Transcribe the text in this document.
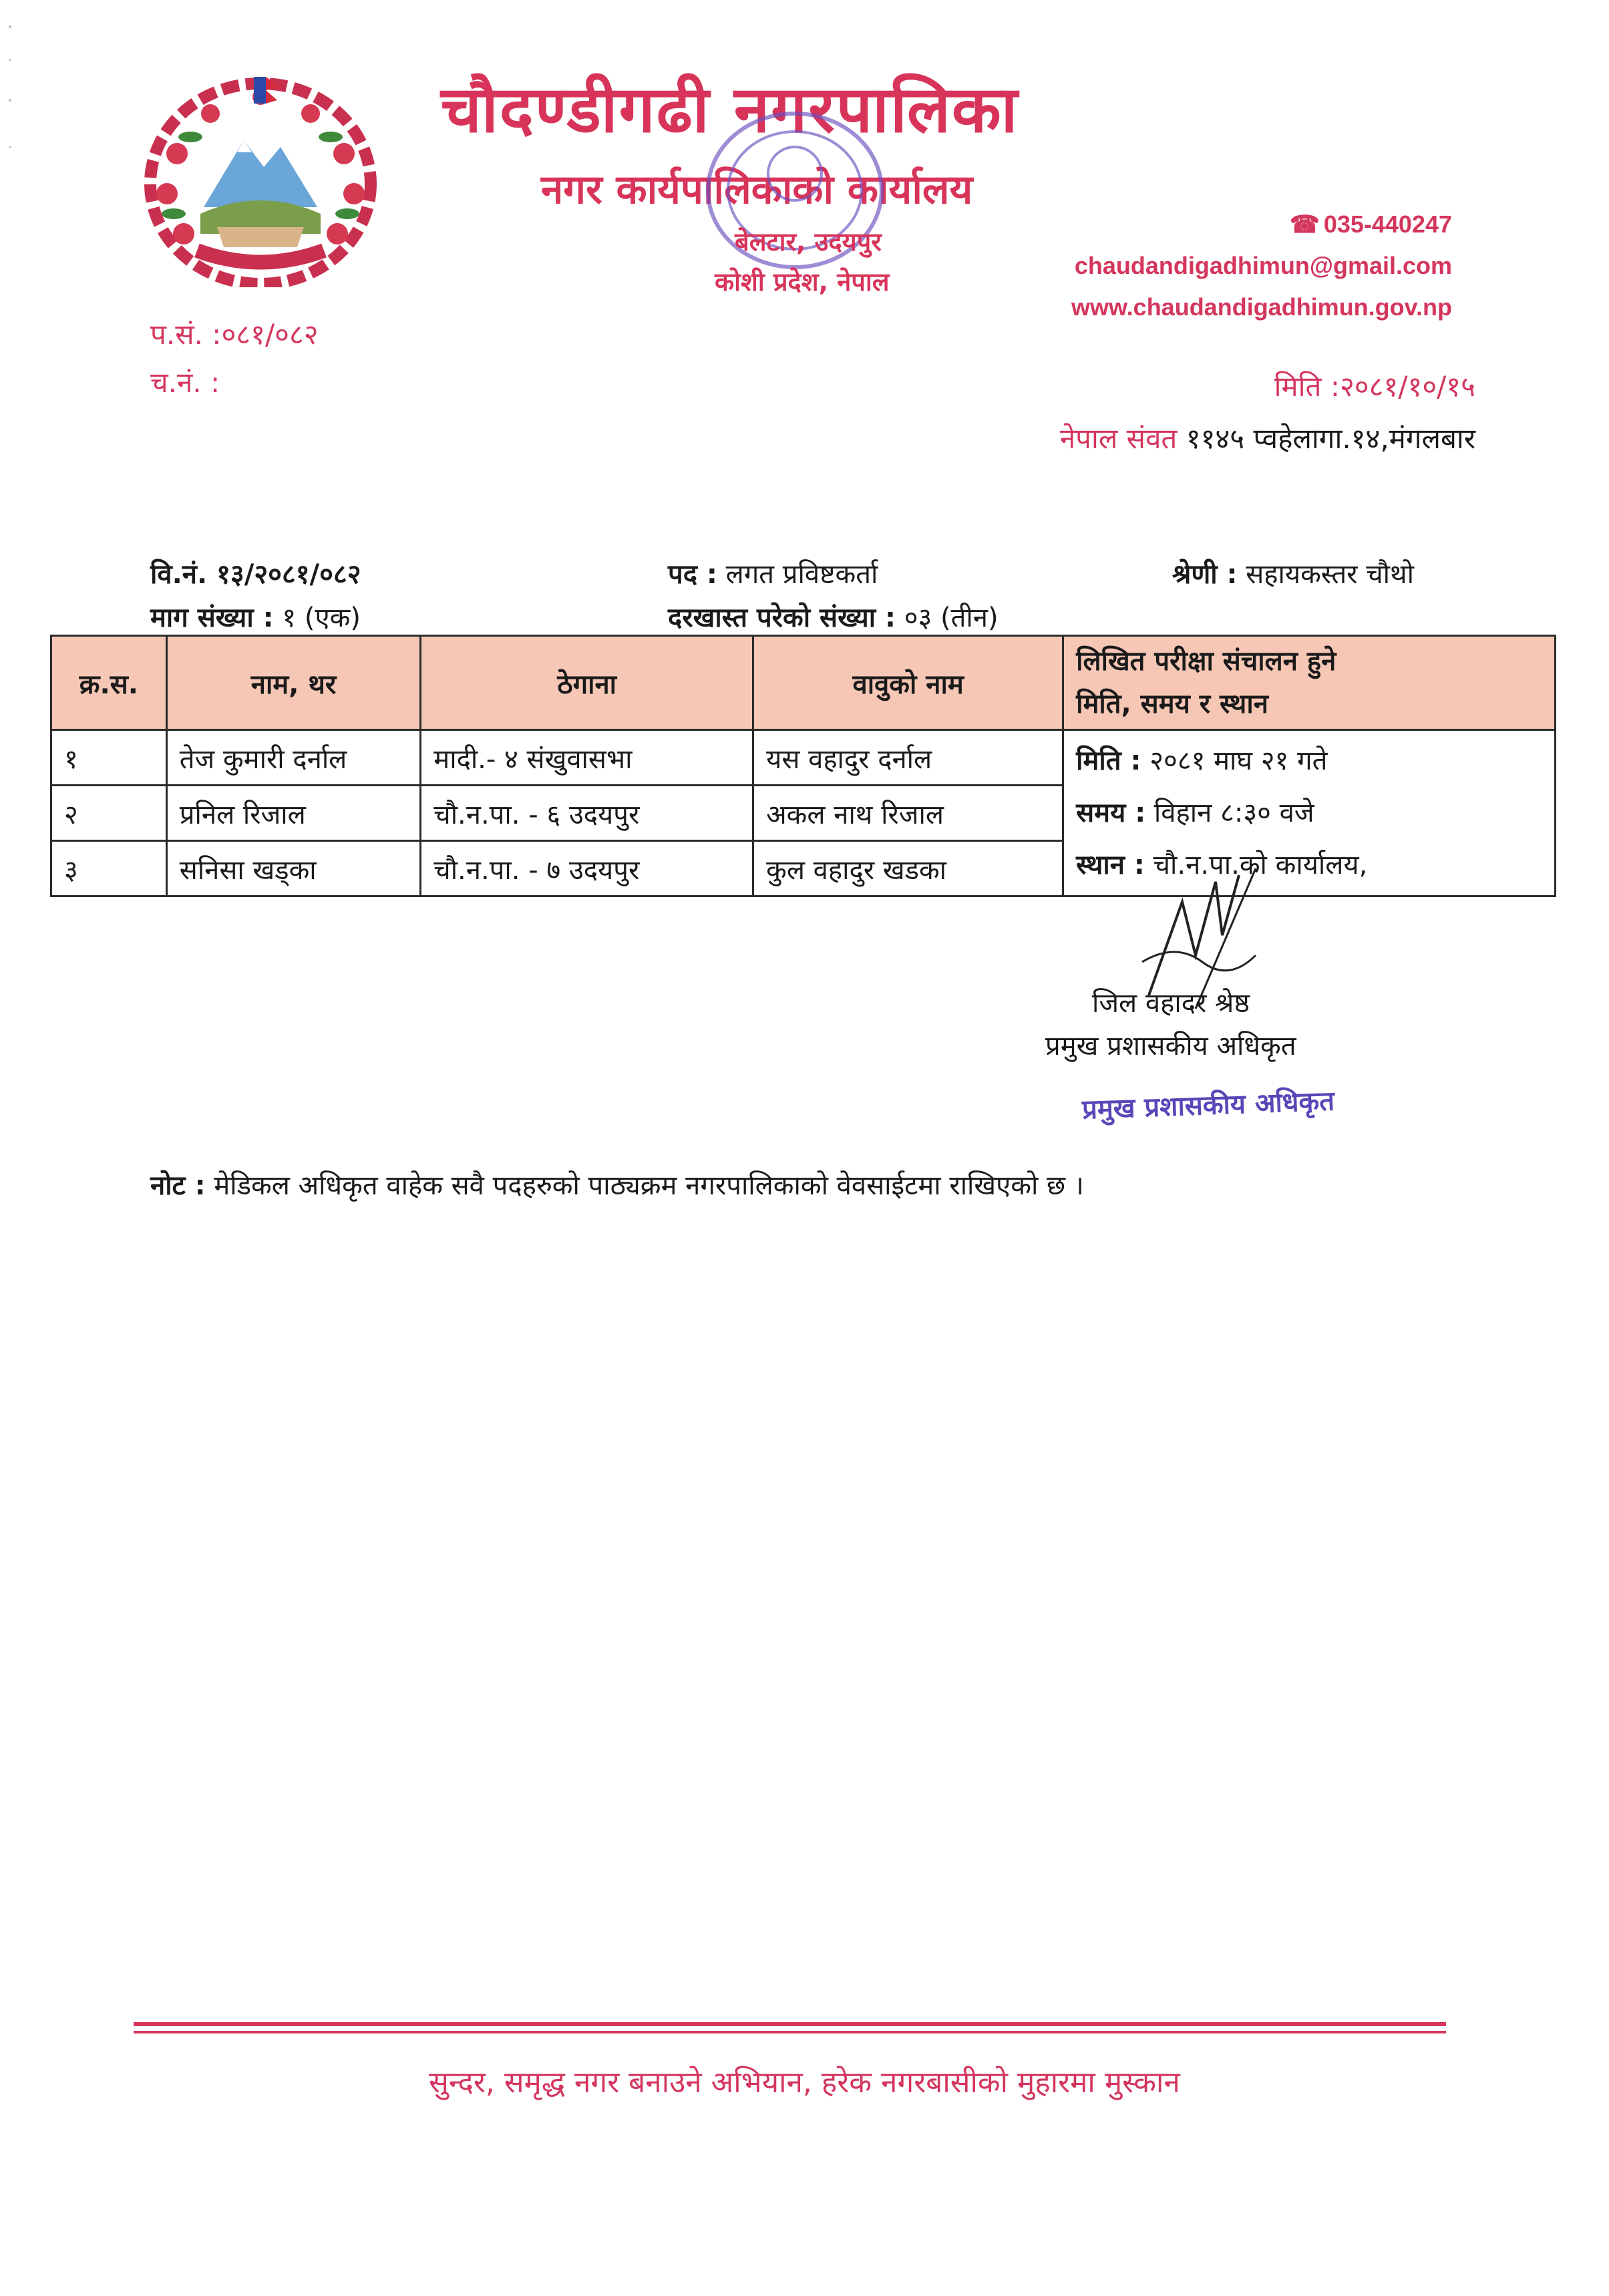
चौदण्डीगढी नगरपालिका
नगर कार्यपालिकाको कार्यालय
बेलटार, उदयपुर
कोशी प्रदेश, नेपाल
☎ 035-440247
chaudandigadhimun@gmail.com
www.chaudandigadhimun.gov.np
प.सं. :०८१/०८२
च.नं. :	मिति :२०८१/१०/१५
नेपाल संवत ११४५ प्वहेलागा.१४,मंगलबार
वि.नं. १३/२०८१/०८२	पद : लगत प्रविष्टकर्ता	श्रेणी : सहायकस्तर चौथो
माग संख्या : १ (एक)	दरखास्त परेको संख्या : ०३ (तीन)
क्र.स.	नाम, थर	ठेगाना	वावुको नाम	लिखित परीक्षा संचालन हुने
मिति, समय र स्थान

१	तेज कुमारी दर्नाल	मादी.- ४ संखुवासभा	यस वहादुर दर्नाल	मिति : २०८१ माघ २१ गते
समय : विहान ८:३० वजे
स्थान : चौ.न.पा.को कार्यालय,

२	प्रनिल रिजाल	चौ.न.पा. - ६ उदयपुर	अकल नाथ रिजाल	
३	सनिसा खड्का	चौ.न.पा. - ७ उदयपुर	कुल वहादुर खडका	
जिल वहादर श्रेष्ठ
प्रमुख प्रशासकीय अधिकृत
प्रमुख प्रशासकीय अधिकृत
नोट : मेडिकल अधिकृत वाहेक सवै पदहरुको पाठ्यक्रम नगरपालिकाको वेवसाईटमा राखिएको छ ।
सुन्दर, समृद्ध नगर बनाउने अभियान, हरेक नगरबासीको मुहारमा मुस्कान
